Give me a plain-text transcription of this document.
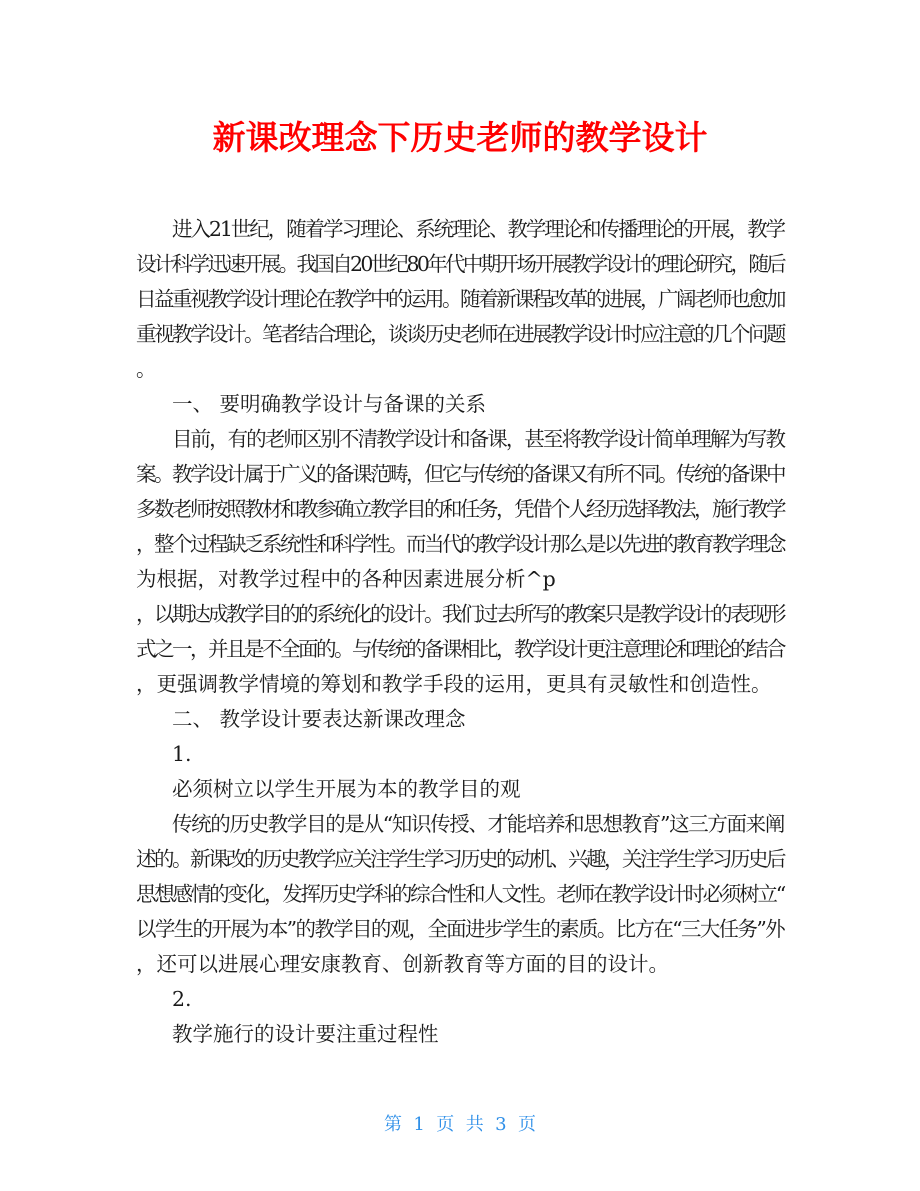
新课改理念下历史老师的教学设计
进入21世纪，随着学习理论、系统理论、教学理论和传播理论的开展，教学
设计科学迅速开展。我国自20世纪80年代中期开场开展教学设计的理论研究，随后
日益重视教学设计理论在教学中的运用。随着新课程改革的进展，广阔老师也愈加
重视教学设计。笔者结合理论，谈谈历史老师在进展教学设计时应注意的几个问题
。
一、 要明确教学设计与备课的关系
目前，有的老师区别不清教学设计和备课，甚至将教学设计简单理解为写教
案。教学设计属于广义的备课范畴，但它与传统的备课又有所不同。传统的备课中
多数老师按照教材和教参确立教学目的和任务，凭借个人经历选择教法，施行教学
，整个过程缺乏系统性和科学性。而当代的教学设计那么是以先进的教育教学理念
为根据，对教学过程中的各种因素进展分析^p
，以期达成教学目的的系统化的设计。我们过去所写的教案只是教学设计的表现形
式之一，并且是不全面的。与传统的备课相比，教学设计更注意理论和理论的结合
，更强调教学情境的筹划和教学手段的运用，更具有灵敏性和创造性。
二、 教学设计要表达新课改理念
1.
必须树立以学生开展为本的教学目的观
传统的历史教学目的是从“知识传授、才能培养和思想教育”这三方面来阐
述的。新课改的历史教学应关注学生学习历史的动机、兴趣，关注学生学习历史后
思想感情的变化，发挥历史学科的综合性和人文性。老师在教学设计时必须树立“
以学生的开展为本”的教学目的观，全面进步学生的素质。比方在“三大任务”外
，还可以进展心理安康教育、创新教育等方面的目的设计。
2.
教学施行的设计要注重过程性
第  1  页  共  3  页
